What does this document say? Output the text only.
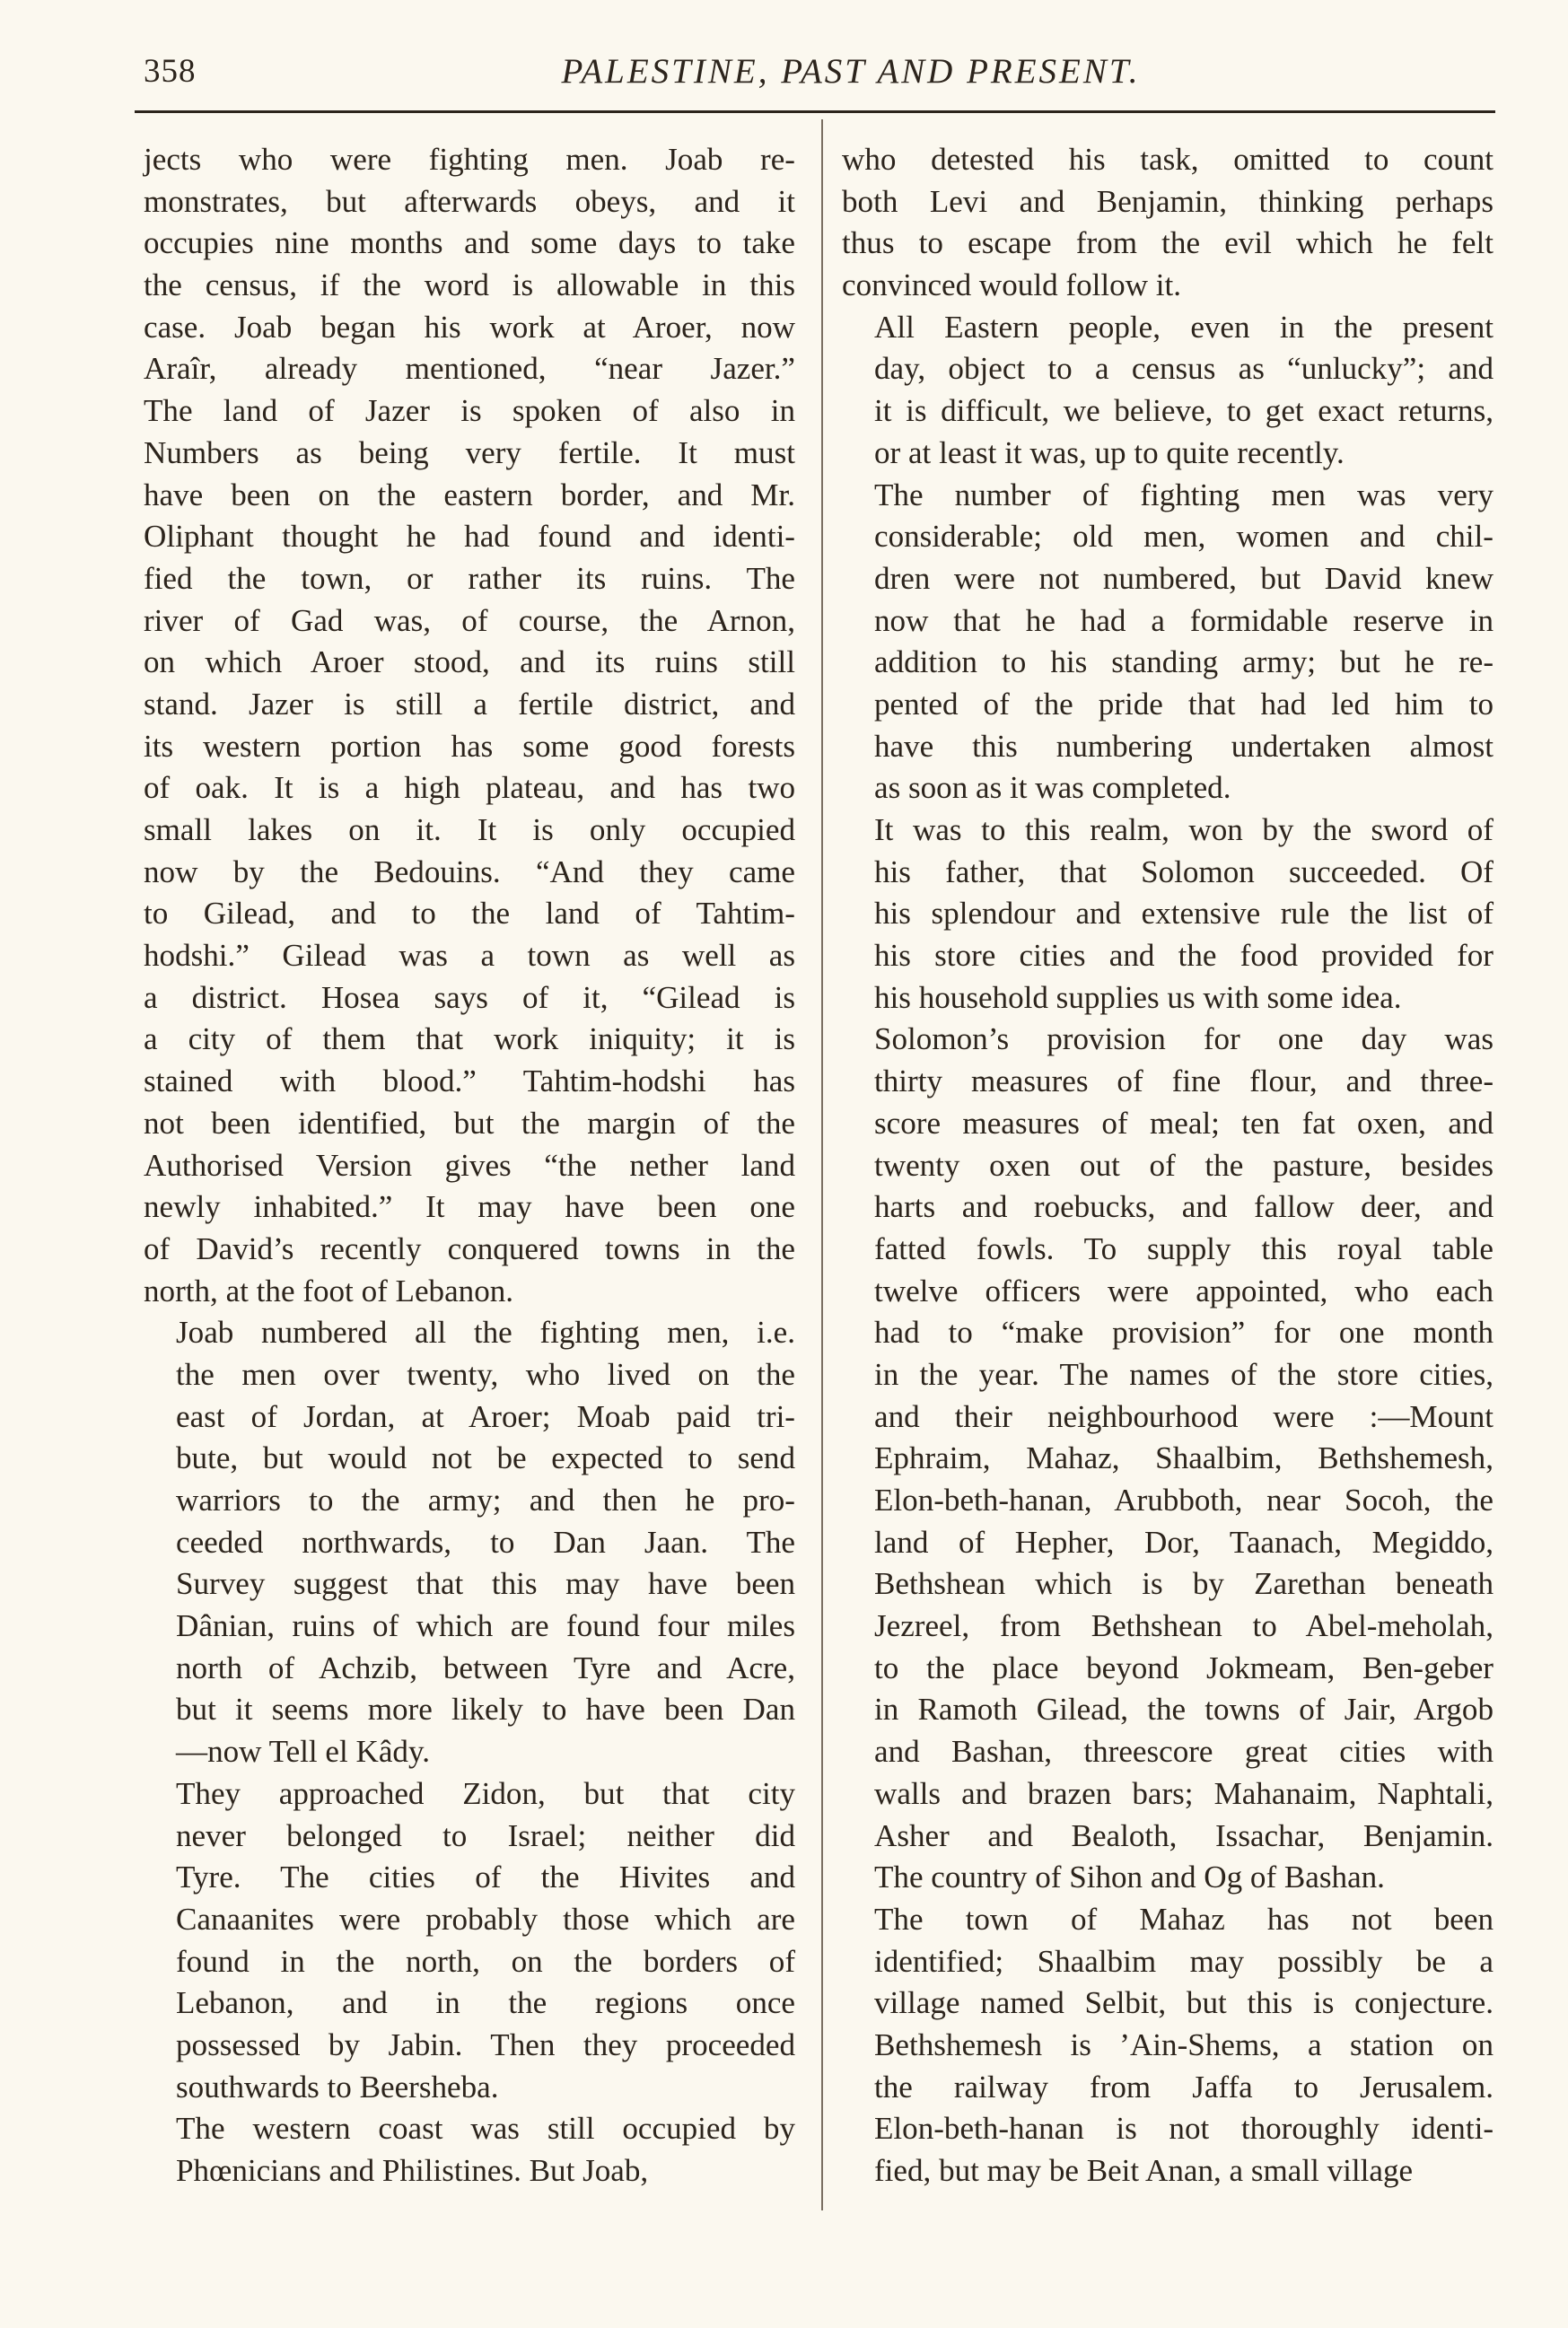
358	PALESTINE, PAST AND PRESENT.

jects who were fighting men. Joab re-
monstrates, but afterwards obeys, and it
occupies nine months and some days to take
the census, if the word is allowable in this
case. Joab began his work at Aroer, now
Araîr, already mentioned, “near Jazer.”
The land of Jazer is spoken of also in
Numbers as being very fertile. It must
have been on the eastern border, and Mr.
Oliphant thought he had found and identi-
fied the town, or rather its ruins. The
river of Gad was, of course, the Arnon,
on which Aroer stood, and its ruins still
stand. Jazer is still a fertile district, and
its western portion has some good forests
of oak. It is a high plateau, and has two
small lakes on it. It is only occupied
now by the Bedouins. “And they came
to Gilead, and to the land of Tahtim-
hodshi.” Gilead was a town as well as
a district. Hosea says of it, “Gilead is
a city of them that work iniquity; it is
stained with blood.” Tahtim-hodshi has
not been identified, but the margin of the
Authorised Version gives “the nether land
newly inhabited.” It may have been one
of David’s recently conquered towns in the
north, at the foot of Lebanon.

Joab numbered all the fighting men, i.e.
the men over twenty, who lived on the
east of Jordan, at Aroer; Moab paid tri-
bute, but would not be expected to send
warriors to the army; and then he pro-
ceeded northwards, to Dan Jaan. The
Survey suggest that this may have been
Dânian, ruins of which are found four miles
north of Achzib, between Tyre and Acre,
but it seems more likely to have been Dan
—now Tell el Kâdy.

They approached Zidon, but that city
never belonged to Israel; neither did
Tyre. The cities of the Hivites and
Canaanites were probably those which are
found in the north, on the borders of
Lebanon, and in the regions once
possessed by Jabin. Then they proceeded
southwards to Beersheba.

The western coast was still occupied by
Phœnicians and Philistines. But Joab,

who detested his task, omitted to count
both Levi and Benjamin, thinking perhaps
thus to escape from the evil which he felt
convinced would follow it.

All Eastern people, even in the present
day, object to a census as “unlucky”; and
it is difficult, we believe, to get exact returns,
or at least it was, up to quite recently.

The number of fighting men was very
considerable; old men, women and chil-
dren were not numbered, but David knew
now that he had a formidable reserve in
addition to his standing army; but he re-
pented of the pride that had led him to
have this numbering undertaken almost
as soon as it was completed.

It was to this realm, won by the sword of
his father, that Solomon succeeded. Of
his splendour and extensive rule the list of
his store cities and the food provided for
his household supplies us with some idea.

Solomon’s provision for one day was
thirty measures of fine flour, and three-
score measures of meal; ten fat oxen, and
twenty oxen out of the pasture, besides
harts and roebucks, and fallow deer, and
fatted fowls. To supply this royal table
twelve officers were appointed, who each
had to “make provision” for one month
in the year. The names of the store cities,
and their neighbourhood were :—Mount
Ephraim, Mahaz, Shaalbim, Bethshemesh,
Elon-beth-hanan, Arubboth, near Socoh, the
land of Hepher, Dor, Taanach, Megiddo,
Bethshean which is by Zarethan beneath
Jezreel, from Bethshean to Abel-meholah,
to the place beyond Jokmeam, Ben-geber
in Ramoth Gilead, the towns of Jair, Argob
and Bashan, threescore great cities with
walls and brazen bars; Mahanaim, Naphtali,
Asher and Bealoth, Issachar, Benjamin.
The country of Sihon and Og of Bashan.

The town of Mahaz has not been
identified; Shaalbim may possibly be a
village named Selbit, but this is conjecture.
Bethshemesh is ’Ain-Shems, a station on
the railway from Jaffa to Jerusalem.
Elon-beth-hanan is not thoroughly identi-
fied, but may be Beit Anan, a small village
